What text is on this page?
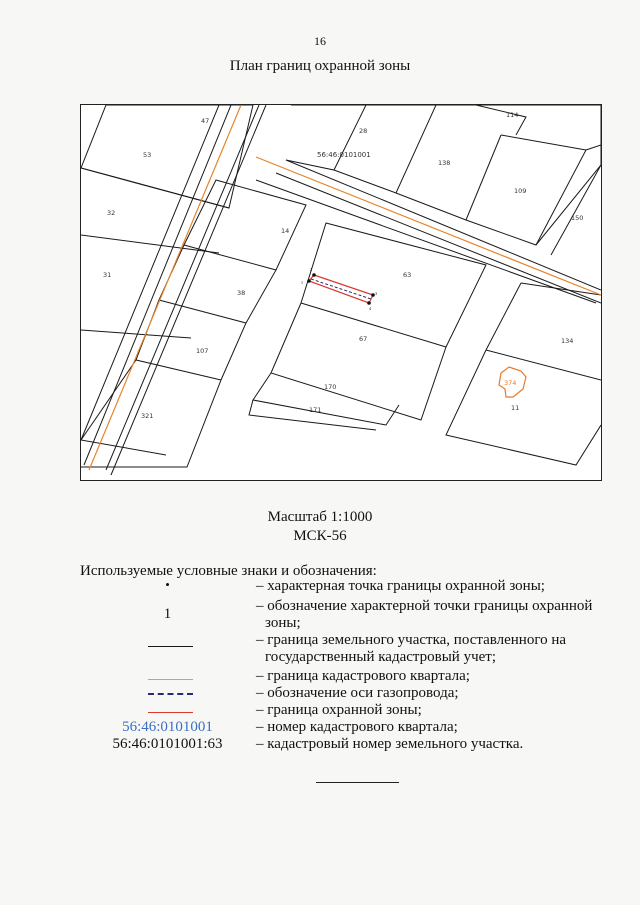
16
План границ охранной зоны
1
2
3
4
47
114
28
56:46:0101001
53
138
109
32
150
14
63
31
38
134
107
67
374
170
11
171
321
Масштаб 1:1000
МСК-56
Используемые условные знаки и обозначения:
•	– характерная точка границы охранной зоны;
1	– обозначение характерной точки границы охранной зоны;
– граница земельного участка, поставленного на государственный кадастровый учет;
– граница кадастрового квартала;
– обозначение оси газопровода;
– граница охранной зоны;
56:46:0101001	– номер кадастрового квартала;
56:46:0101001:63	– кадастровый номер земельного участка.
